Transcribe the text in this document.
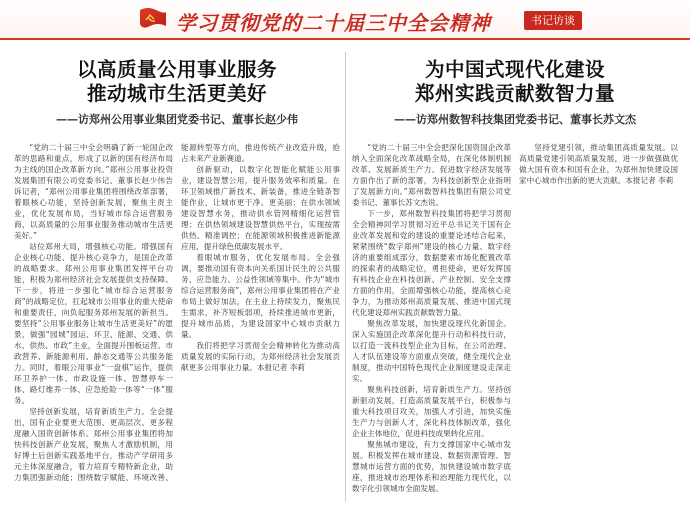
学习贯彻党的二十届三中全会精神	书记访谈
以高质量公用事业服务
推动城市生活更美好
——访郑州公用事业集团党委书记、董事长赵少伟

“党的二十届三中全会明确了新一轮国企改革的思路和重点，形成了以新的国有经济布局为主线的国企改革新方向。”郑州公用事业投资发展集团有限公司党委书记、董事长赵少伟告诉记者，“郑州公用事业集团将围绕改革部署，着眼核心功能，坚持创新发展，聚焦主责主业，优化发展布局，当好城市综合运营服务商，以高质量的公用事业服务推动城市生活更美好。”

站位郑州大局，增强核心功能。增强国有企业核心功能、提升核心竞争力，是国企改革的战略要求。郑州公用事业集团发挥平台功能，积极为郑州经济社会发展提供支持保障。下一步，将进一步强化“城市综合运营服务商”的战略定位，扛起城市公用事业的重大使命和重要责任，向负起服务郑州发展的新担当。要坚持“公用事业服务让城市生活更美好”的愿景，做强“园城”园运、环卫、能源、交通、供水、供热、市政”主业，全面提升围板运营、市政营养、新能源利用、静态交通等公共服务能力。同时，着眼公用事业“一盘棋”运作，提供环卫养护一体、市政设施一体、智慧停车一体、路灯维养一体、应急抢险一体等“一体”服务。

坚持创新发展，培育新质生产力。全会提出，国有企业要更大范围、更高层次、更多程度融入国资创新体系。郑州公用事业集团将加快科技创新产业发展，聚焦人才激励机制，用好博士后创新实践基地平台，推动产学研用多元主体深度融合，着力培育专精特新企业，助力集团强新动能；围绕数字赋能、环境改善、能源转型等方向，推进传统产业改造升级，抢占未来产业新赛道。

创新驱动，以数字化智能化赋能公用事业，建设智慧公用，提升服务效率和质量。在环卫领域推广新技术、新装备，推进全链条智能作业，让城市更干净、更美丽；在供水领域建设智慧水务，推动供水管网精细化运营管理；在供热领域建设智慧供热平台，实现按需供热、精准调控；在能源领域积极推进新能源应用，提升绿色低碳发展水平。

着眼城市服务，优化发展布局。全会强调，要推动国有资本向关系国计民生的公共服务、应急能力、公益性领域等集中。作为“城市综合运营服务商”，郑州公用事业集团将在产业布局上做好加法，在主业上持续发力，聚焦民生需求，补齐短板弱项，持续推进城市更新，提升城市品质，为建设国家中心城市贡献力量。

我们将把学习贯彻全会精神转化为推动高质量发展的实际行动，为郑州经济社会发展贡献更多公用事业力量。本报记者 李莉

为中国式现代化建设
郑州实践贡献数智力量
——访郑州数智科技集团党委书记、董事长苏文杰

“党的二十届三中全会把深化国资国企改革纳入全面深化改革战略全局，在深化体制机制改革、发展新质生产力、促进数字经济发展等方面作出了新的部署，为科技创新型企业指明了发展新方向。”郑州数智科技集团有限公司党委书记、董事长苏文杰说。

下一步，郑州数智科技集团将把学习贯彻全会精神同学习贯彻习近平总书记关于国有企业改革发展和党的建设的重要论述结合起来，紧紧围绕“数字郑州”建设的核心力量、数字经济的重要组成部分，数据要素市场化配置改革的探索者的战略定位，勇担使命，更好发挥国有科技企业在科技创新、产业控制、安全支撑方面的作用，全面增强核心功能，提高核心竞争力，为推动郑州高质量发展、推进中国式现代化建设郑州实践贡献数智力量。

聚焦改革发展，加快建设现代化新国企。深入实施国企改革深化提升行动和科技行动，以打造一流科技型企业为目标，在公司治理、人才队伍建设等方面重点突破，健全现代企业制度，推动中国特色现代企业制度建设走深走实。

聚焦科技创新，培育新质生产力。坚持创新驱动发展，打造高质量发展平台，积极参与重大科技项目攻关，加强人才引进，加快实施生产力与创新人才，深化科技体制改革，强化企业主体地位，促进科技成果转化应用。

聚焦城市建设，有力支撑国家中心城市发展。积极发挥在城市建设、数据资源管理、智慧城市运营方面的优势，加快建设城市数字底座，推进城市治理体系和治理能力现代化，以数字化引领城市全面发展。

坚持党建引领，推动集团高质量发展。以高质量党建引领高质量发展，进一步做强做优做大国有资本和国有企业，为郑州加快建设国家中心城市作出新的更大贡献。本报记者 李莉
